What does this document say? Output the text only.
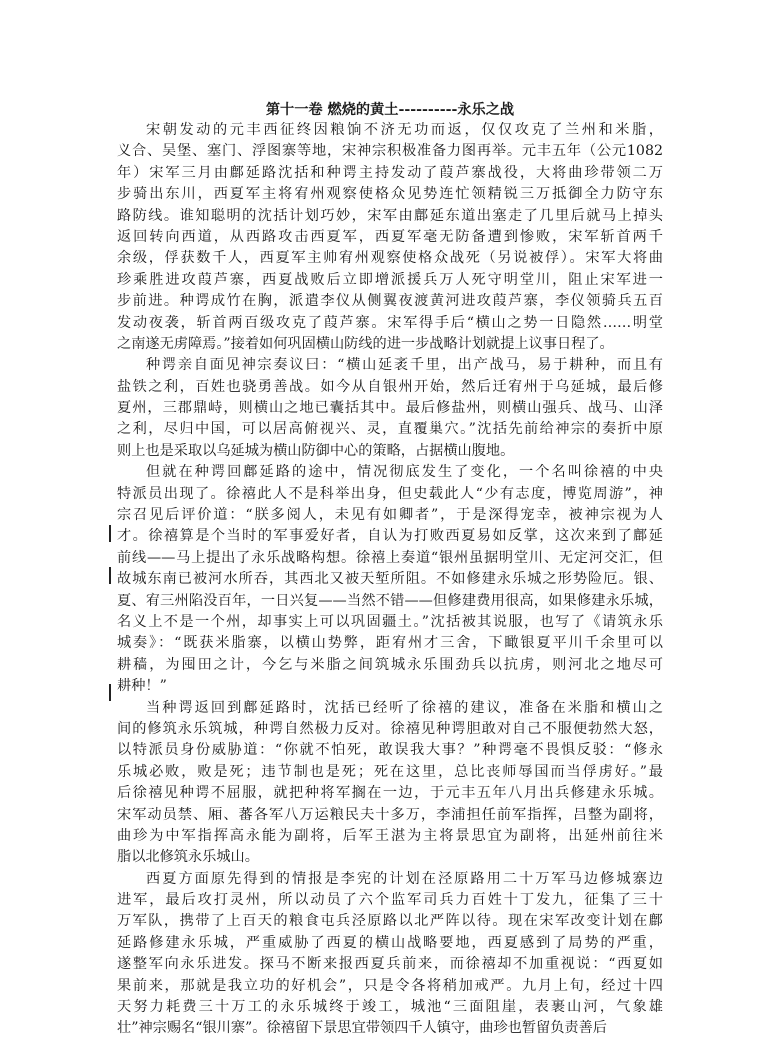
第十一卷 燃烧的黄土----------永乐之战
宋朝发动的元丰西征终因粮饷不济无功而返，仅仅攻克了兰州和米脂，
义合、吴堡、塞门、浮图寨等地，宋神宗积极准备力图再举。元丰五年（公元1082
年）宋军三月由鄜延路沈括和种谔主持发动了葭芦寨战役，大将曲珍带领二万
步骑出东川，西夏军主将宥州观察使格众见势连忙领精锐三万抵御全力防守东
路防线。谁知聪明的沈括计划巧妙，宋军由鄜延东道出塞走了几里后就马上掉头
返回转向西道，从西路攻击西夏军，西夏军毫无防备遭到惨败，宋军斩首两千
余级，俘获数千人，西夏军主帅宥州观察使格众战死（另说被俘）。宋军大将曲
珍乘胜进攻葭芦寨，西夏战败后立即增派援兵万人死守明堂川，阻止宋军进一
步前进。种谔成竹在胸，派遣李仪从侧翼夜渡黄河进攻葭芦寨，李仪领骑兵五百
发动夜袭，斩首两百级攻克了葭芦寨。宋军得手后“横山之势一日隐然……明堂
之南遂无虏障焉。”接着如何巩固横山防线的进一步战略计划就提上议事日程了。
种谔亲自面见神宗奏议曰：“横山延袤千里，出产战马，易于耕种，而且有
盐铁之利，百姓也骁勇善战。如今从自银州开始，然后迁宥州于乌延城，最后修
夏州，三郡鼎峙，则横山之地已囊括其中。最后修盐州，则横山强兵、战马、山泽
之利，尽归中国，可以居高俯视兴、灵，直覆巢穴。”沈括先前给神宗的奏折中原
则上也是采取以乌延城为横山防御中心的策略，占据横山腹地。
但就在种谔回鄜延路的途中，情况彻底发生了变化，一个名叫徐禧的中央
特派员出现了。徐禧此人不是科举出身，但史载此人“少有志度，博览周游”，神
宗召见后评价道：“朕多阅人，未见有如卿者”，于是深得宠幸，被神宗视为人
才。徐禧算是个当时的军事爱好者，自认为打败西夏易如反掌，这次来到了鄜延
前线——马上提出了永乐战略构想。徐禧上奏道“银州虽据明堂川、无定河交汇，但
故城东南已被河水所吞，其西北又被天堑所阻。不如修建永乐城之形势险厄。银、
夏、宥三州陷没百年，一日兴复——当然不错——但修建费用很高，如果修建永乐城，
名义上不是一个州，却事实上可以巩固疆土。”沈括被其说服，也写了《请筑永乐
城奏》：“既获米脂寨，以横山势弊，距宥州才三舍，下瞰银夏平川千余里可以
耕穑，为囤田之计，今乞与米脂之间筑城永乐围劲兵以抗虏，则河北之地尽可
耕种！”
当种谔返回到鄜延路时，沈括已经听了徐禧的建议，准备在米脂和横山之
间的修筑永乐筑城，种谔自然极力反对。徐禧见种谔胆敢对自己不服便勃然大怒，
以特派员身份威胁道：“你就不怕死，敢误我大事？”种谔毫不畏惧反驳：“修永
乐城必败，败是死；违节制也是死；死在这里，总比丧师辱国而当俘虏好。”最
后徐禧见种谔不屈服，就把种将军搁在一边，于元丰五年八月出兵修建永乐城。
宋军动员禁、厢、蕃各军八万运粮民夫十多万，李浦担任前军指挥，吕整为副将，
曲珍为中军指挥高永能为副将，后军王湛为主将景思宜为副将，出延州前往米
脂以北修筑永乐城山。
西夏方面原先得到的情报是李宪的计划在泾原路用二十万军马边修城寨边
进军，最后攻打灵州，所以动员了六个监军司兵力百姓十丁发九，征集了三十
万军队，携带了上百天的粮食屯兵泾原路以北严阵以待。现在宋军改变计划在鄜
延路修建永乐城，严重威胁了西夏的横山战略要地，西夏感到了局势的严重，
遂整军向永乐进发。探马不断来报西夏兵前来，而徐禧却不加重视说：“西夏如
果前来，那就是我立功的好机会”，只是令各将稍加戒严。九月上旬，经过十四
天努力耗费三十万工的永乐城终于竣工，城池“三面阻崖，表裹山河，气象雄
壮”神宗赐名“银川寨”。徐禧留下景思宜带领四千人镇守，曲珍也暂留负责善后
